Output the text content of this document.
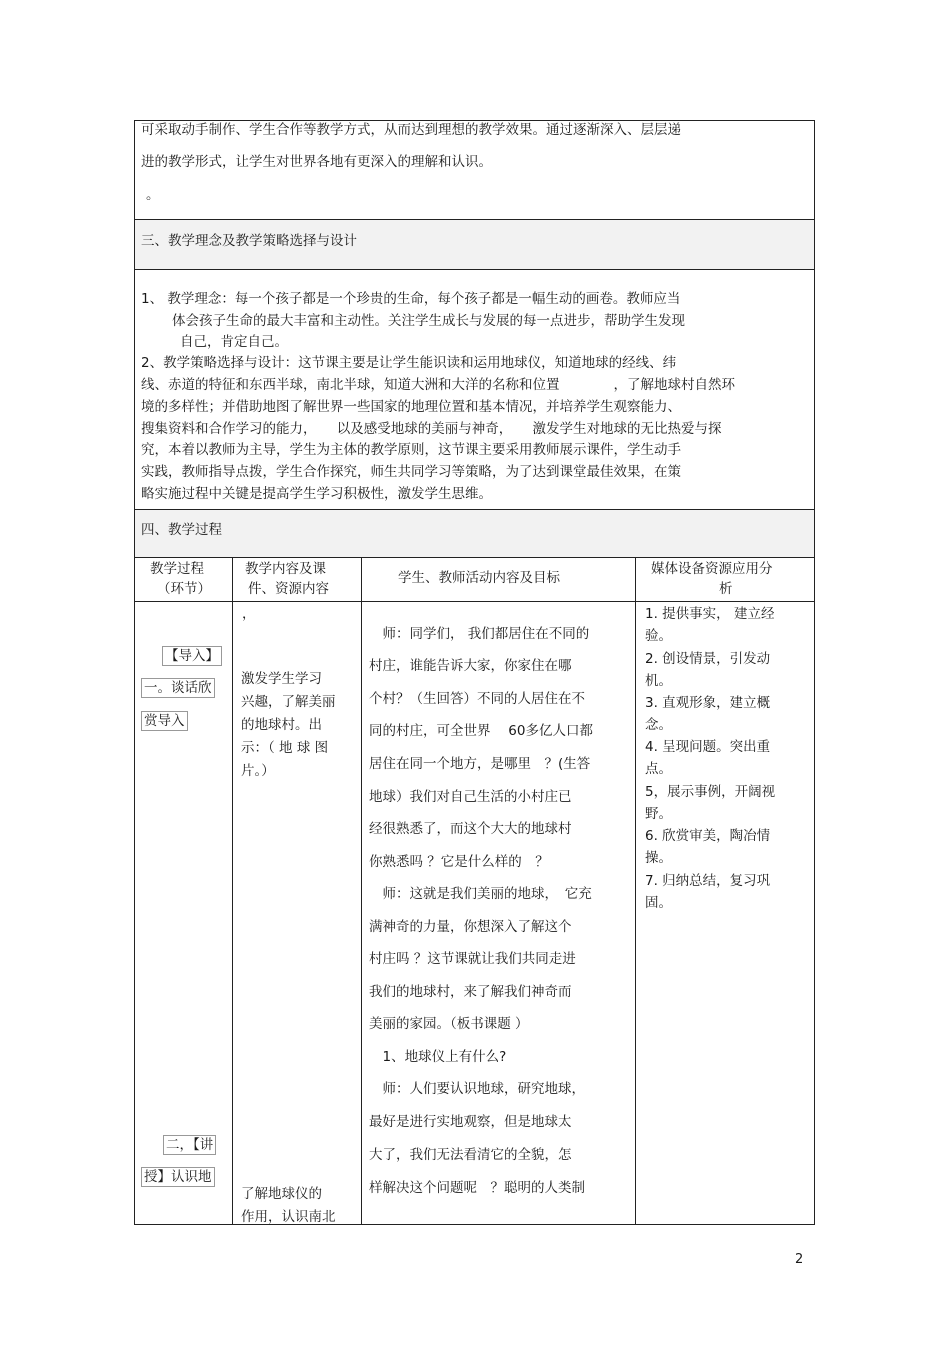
可采取动手制作、学生合作等教学方式，从而达到理想的教学效果。通过逐渐深入、层层递
进的教学形式，让学生对世界各地有更深入的理解和认识。
。
三、教学理念及教学策略选择与设计
1、 教学理念：每一个孩子都是一个珍贵的生命，每个孩子都是一幅生动的画卷。教师应当
体会孩子生命的最大丰富和主动性。关注学生成长与发展的每一点进步，帮助学生发现
自己，肯定自己。
2、教学策略选择与设计：这节课主要是让学生能识读和运用地球仪，知道地球的经线、纬
线、赤道的特征和东西半球，南北半球，知道大洲和大洋的名称和位置　　　　，了解地球村自然环
境的多样性；并借助地图了解世界一些国家的地理位置和基本情况，并培养学生观察能力、
搜集资料和合作学习的能力，　　以及感受地球的美丽与神奇，　　激发学生对地球的无比热爱与探
究，本着以教师为主导，学生为主体的教学原则，这节课主要采用教师展示课件，学生动手
实践，教师指导点拨，学生合作探究，师生共同学习等策略，为了达到课堂最佳效果，在策
略实施过程中关键是提高学生学习积极性，激发学生思维。
四、教学过程
教学过程
（环节）
教学内容及课
件、资源内容
学生、教师活动内容及目标
媒体设备资源应用分
析
【导入】
一。谈话欣
赏导入
二，【讲
授】认识地
，
激发学生学习
兴趣，了解美丽
的地球村。出
示：（ 地 球 图
片。）
了解地球仪的
作用，认识南北
　师：同学们， 我们都居住在不同的
村庄，谁能告诉大家，你家住在哪
个村？（生回答）不同的人居住在不
同的村庄，可全世界　 60多亿人口都
居住在同一个地方，是哪里　？(生答
地球）我们对自己生活的小村庄已
经很熟悉了，而这个大大的地球村
你熟悉吗 ？它是什么样的　？
　师：这就是我们美丽的地球，　它充
满神奇的力量，你想深入了解这个
村庄吗 ？这节课就让我们共同走进
我们的地球村，来了解我们神奇而
美丽的家园。（板书课题 ）
　1、地球仪上有什么?
　师：人们要认识地球，研究地球，
最好是进行实地观察，但是地球太
大了，我们无法看清它的全貌，怎
样解决这个问题呢　？聪明的人类制
1. 提供事实， 建立经
验。
2. 创设情景，引发动
机。
3. 直观形象，建立概
念。
4. 呈现问题。突出重
点。
5，展示事例，开阔视
野。
6. 欣赏审美，陶冶情
操。
7. 归纳总结，复习巩
固。
2
